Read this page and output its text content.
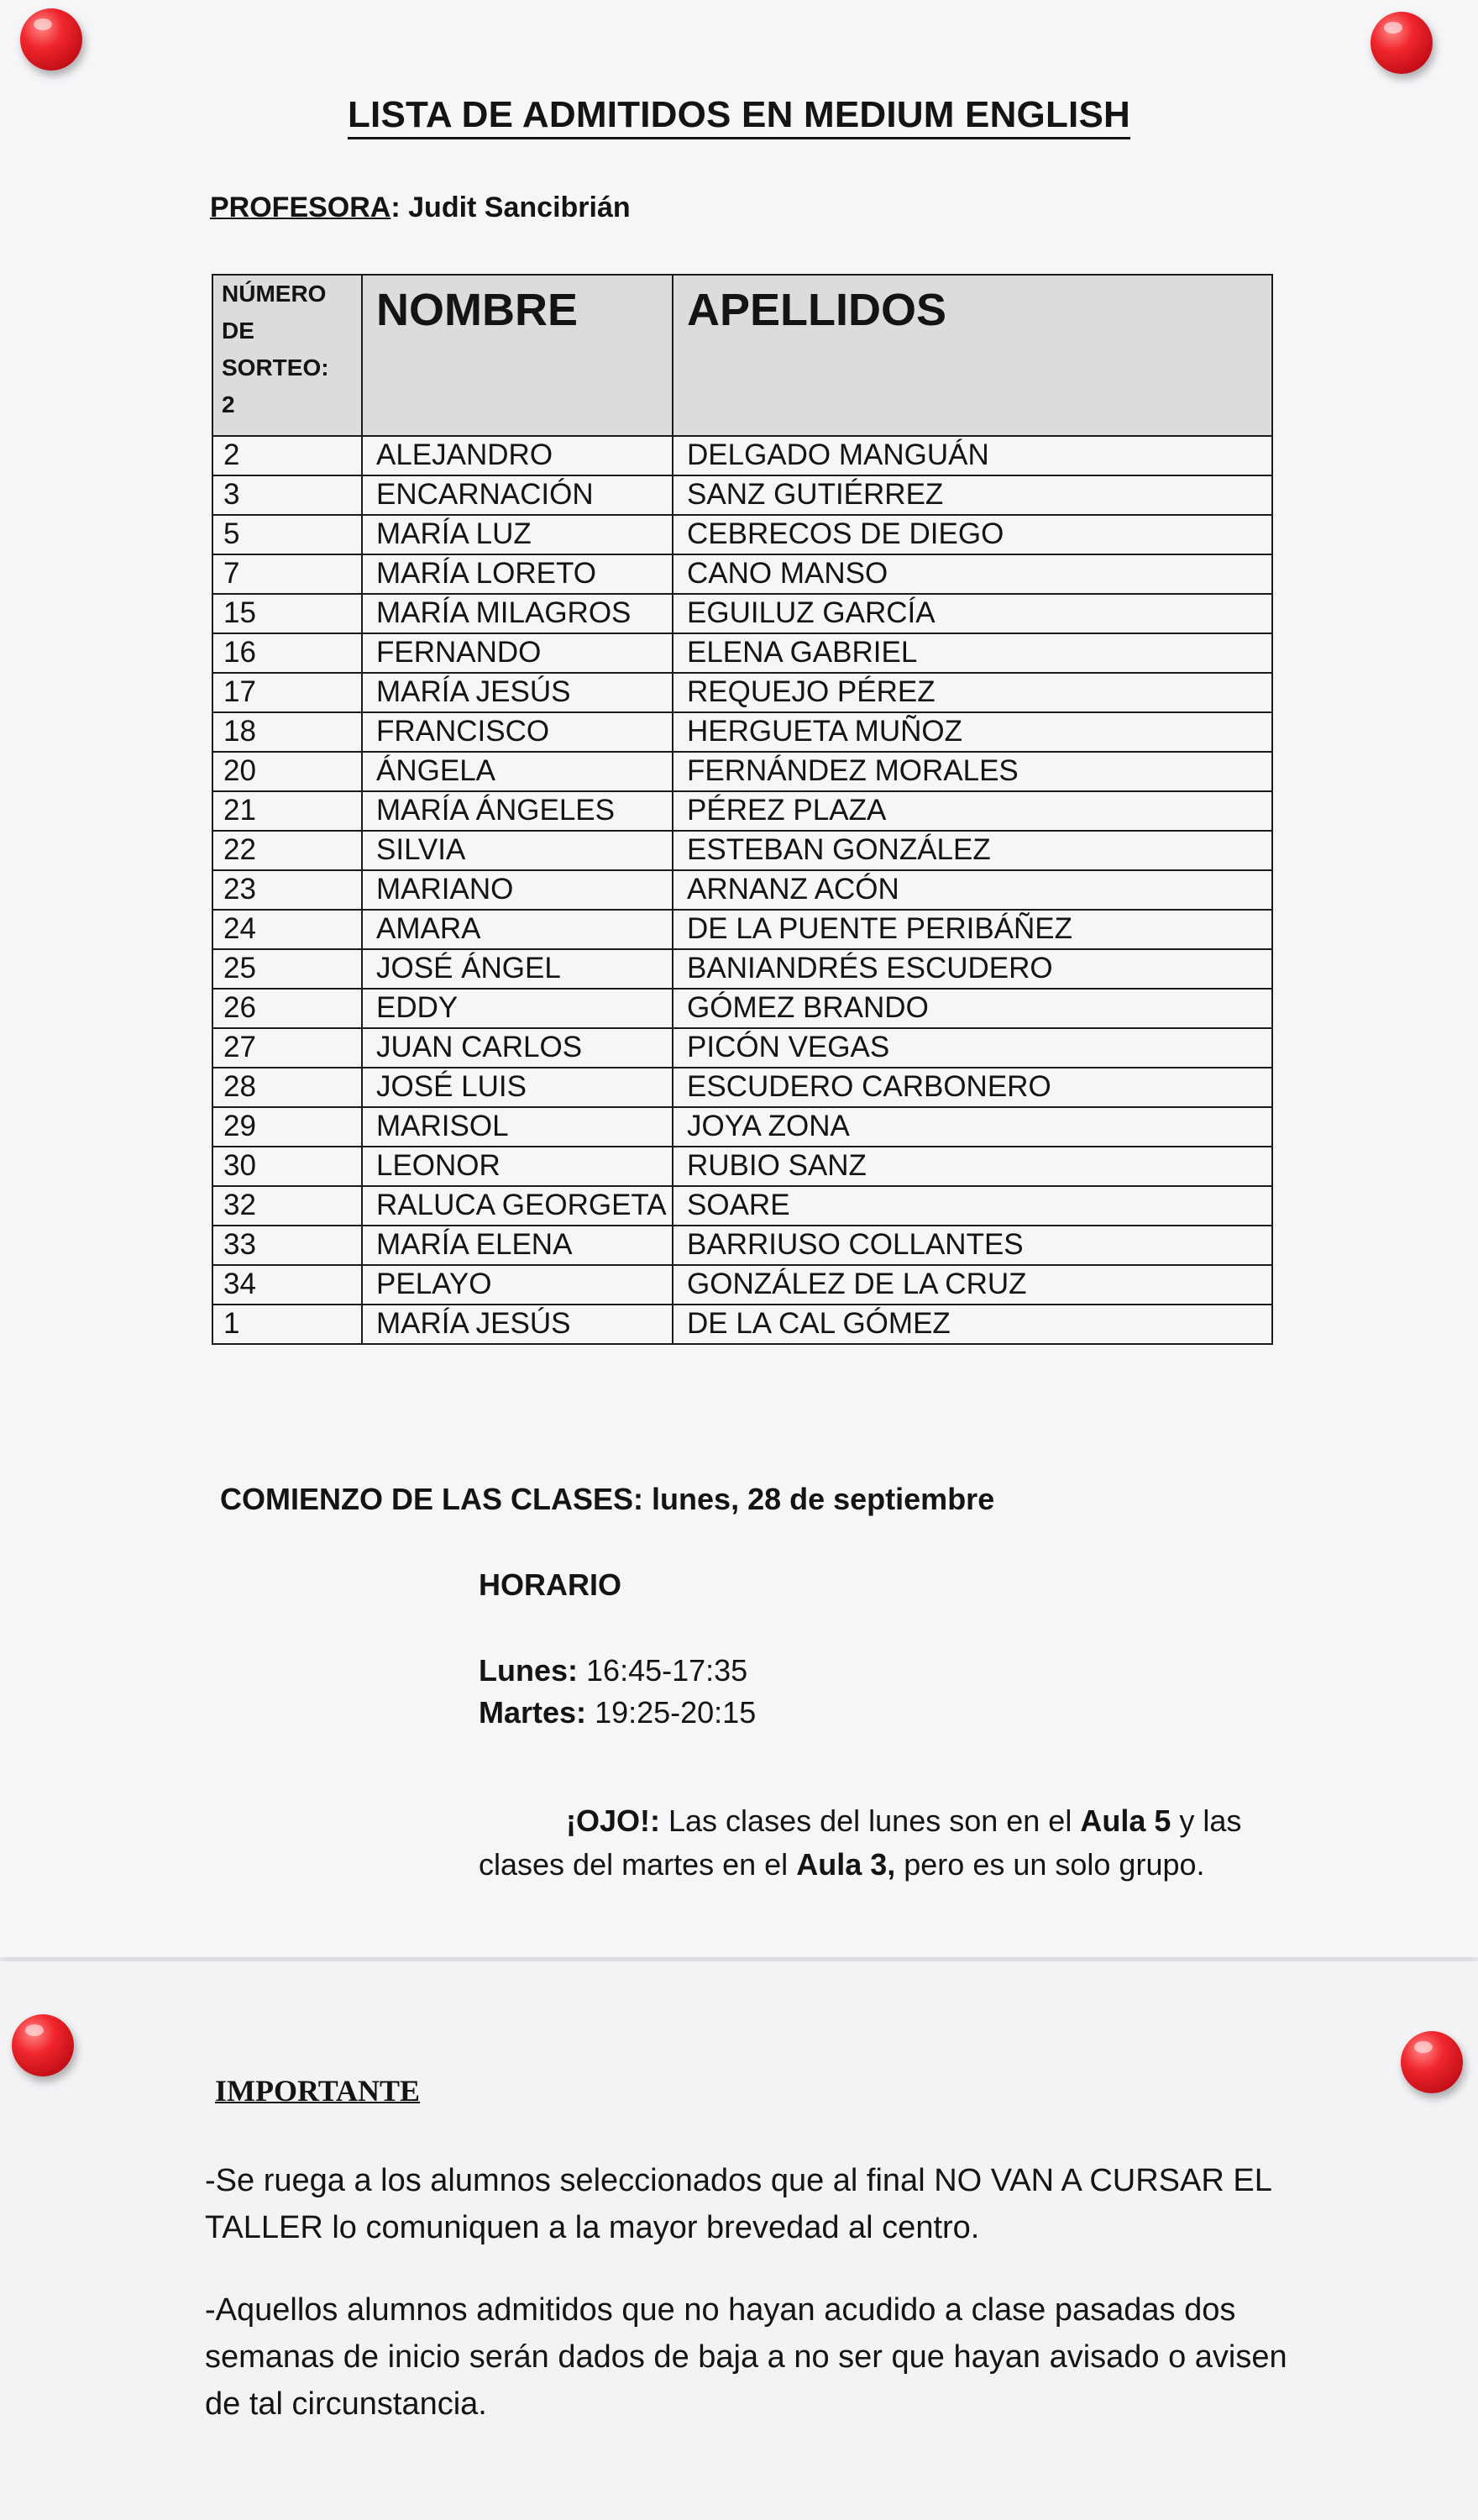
LISTA DE ADMITIDOS EN MEDIUM ENGLISH
PROFESORA: Judit Sancibrián
NÚMERO
DE
SORTEO:
2	NOMBRE	APELLIDOS
2	ALEJANDRO	DELGADO MANGUÁN
3	ENCARNACIÓN	SANZ GUTIÉRREZ
5	MARÍA LUZ	CEBRECOS DE DIEGO
7	MARÍA LORETO	CANO MANSO
15	MARÍA MILAGROS	EGUILUZ GARCÍA
16	FERNANDO	ELENA GABRIEL
17	MARÍA JESÚS	REQUEJO PÉREZ
18	FRANCISCO	HERGUETA MUÑOZ
20	ÁNGELA	FERNÁNDEZ MORALES
21	MARÍA ÁNGELES	PÉREZ PLAZA
22	SILVIA	ESTEBAN GONZÁLEZ
23	MARIANO	ARNANZ ACÓN
24	AMARA	DE LA PUENTE PERIBÁÑEZ
25	JOSÉ ÁNGEL	BANIANDRÉS ESCUDERO
26	EDDY	GÓMEZ BRANDO
27	JUAN CARLOS	PICÓN VEGAS
28	JOSÉ LUIS	ESCUDERO CARBONERO
29	MARISOL	JOYA ZONA
30	LEONOR	RUBIO SANZ
32	RALUCA GEORGETA	SOARE
33	MARÍA ELENA	BARRIUSO COLLANTES
34	PELAYO	GONZÁLEZ DE LA CRUZ
1	MARÍA JESÚS	DE LA CAL GÓMEZ
COMIENZO DE LAS CLASES: lunes, 28 de septiembre
HORARIO
Lunes: 16:45-17:35
Martes: 19:25-20:15
¡OJO!: Las clases del lunes son en el Aula 5 y las clases del martes en el Aula 3, pero es un solo grupo.
IMPORTANTE
-Se ruega a los alumnos seleccionados que al final NO VAN A CURSAR EL TALLER lo comuniquen a la mayor brevedad al centro.
-Aquellos alumnos admitidos que no hayan acudido a clase pasadas dos semanas de inicio serán dados de baja a no ser que hayan avisado o avisen de tal circunstancia.
